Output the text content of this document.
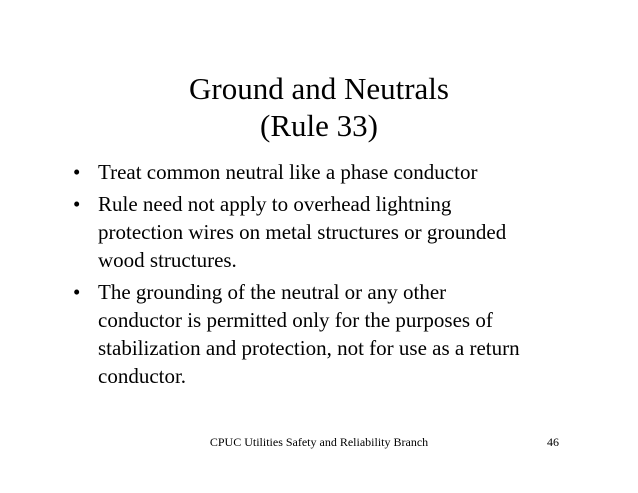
Ground and Neutrals
(Rule 33)
• Treat common neutral like a phase conductor
• Rule need not apply to overhead lightning
protection wires on metal structures or grounded
wood structures.
• The grounding of the neutral or any other
conductor is permitted only for the purposes of
stabilization and protection, not for use as a return
conductor.
CPUC Utilities Safety and Reliability Branch	46
